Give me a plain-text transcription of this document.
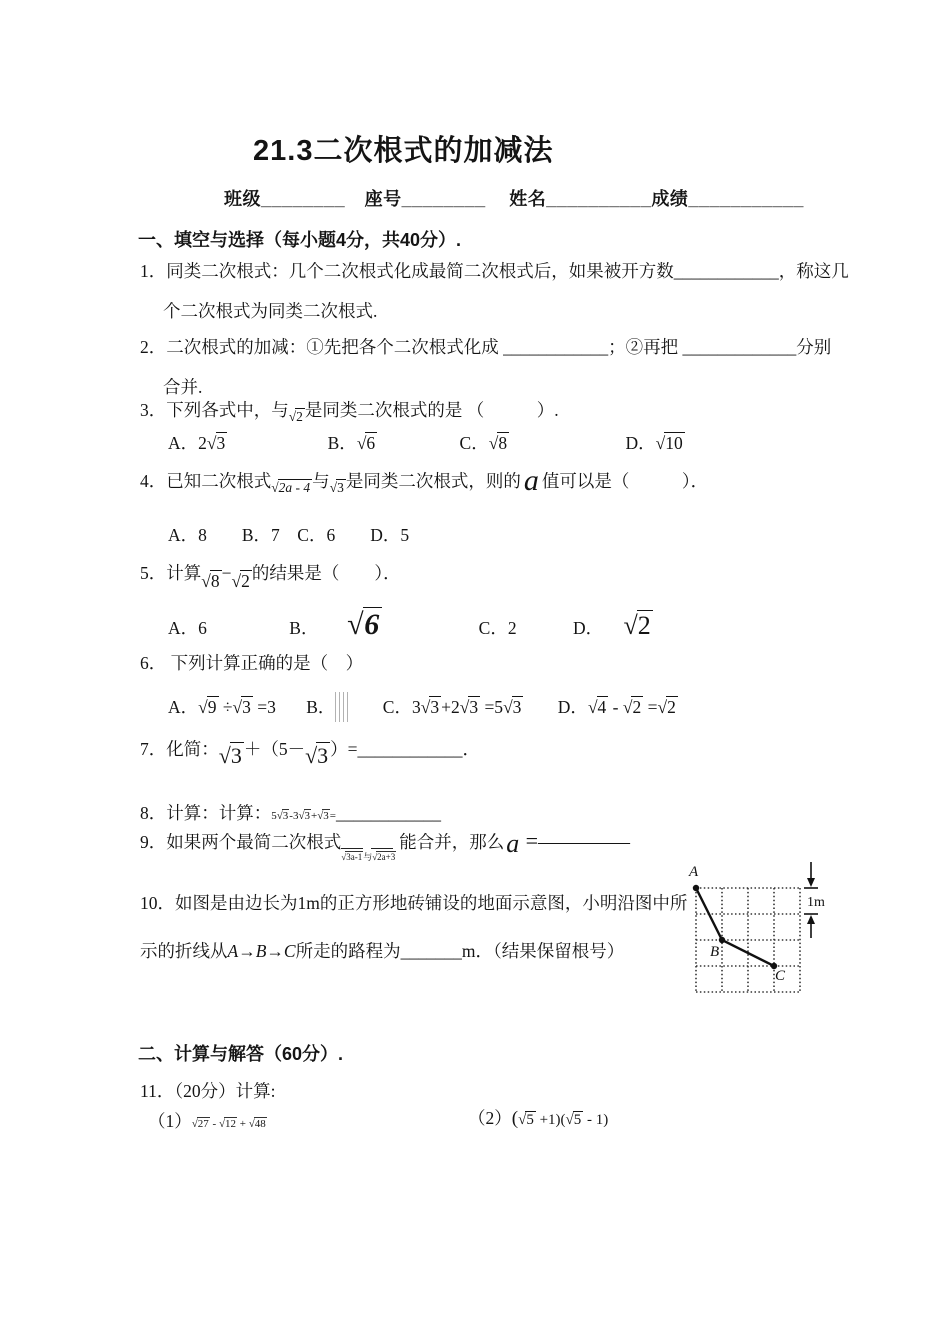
21.3二次根式的加减法
班级________ 座号________ 姓名__________成绩___________
一、填空与选择（每小题4分，共40分）.
1．同类二次根式：几个二次根式化成最简二次根式后，如果被开方数____________，称这几
个二次根式为同类二次根式.
2．二次根式的加减：①先把各个二次根式化成 ____________；②再把 _____________分别
合并.
3．下列各式中，与√2 是同类二次根式的是 （　　　）.
A．2√3	B．√6	C．√8	D．√10
4．已知二次根式√2a - 4 与√3 是同类二次根式，则的 a 值可以是（　　　）．
A．8　　B．7　C．6　　D．5
5．计算√8 −√2 的结果是（　　）．
A．6	B． √6	C．2	D． √2
6． 下列计算正确的是（　）
A．√9 ÷√3 =3 B．	C．3√3 +2√3 =5√3 D．√4 - √2 =√2
7．化简：√3 ＋（5－√3 ）=____________．
8．计算：计算：5√3-3√3+√3=____________
9．如果两个最简二次根式
√3a-1与√2a+3
能合并，那么a =—————
10．如图是由边长为1m的正方形地砖铺设的地面示意图，小明沿图中所
示的折线从A→B→C所走的路程为_______m．（结果保留根号）
A
B
C
1m
二、计算与解答（60分）.
11．（20分）计算:
（1）√27 - √12 + √48	（2）(√5 +1)(√5 - 1)
